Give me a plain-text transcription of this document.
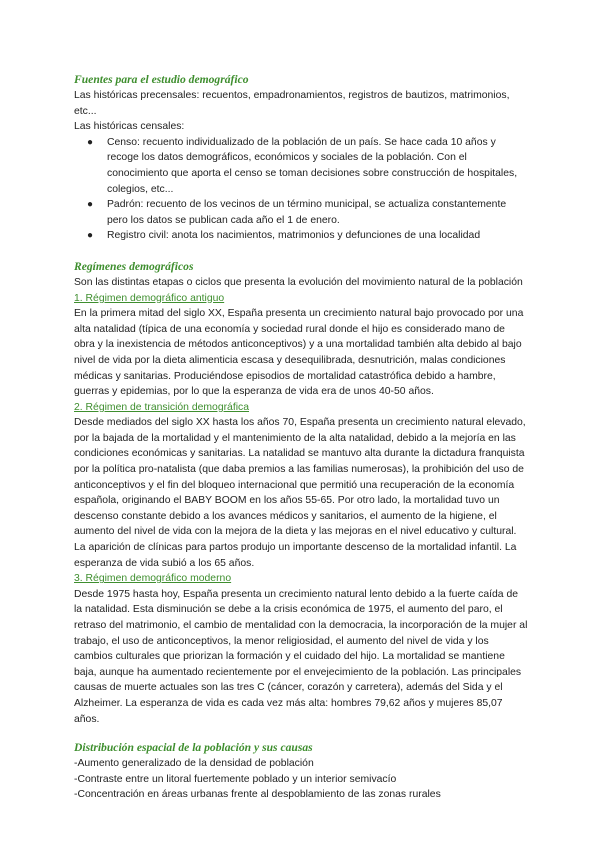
Fuentes para el estudio demográfico

Las históricas precensales: recuentos, empadronamientos, registros de bautizos, matrimonios, etc...

Las históricas censales:

● Censo: recuento individualizado de la población de un país. Se hace cada 10 años y recoge los datos demográficos, económicos y sociales de la población. Con el conocimiento que aporta el censo se toman decisiones sobre construcción de hospitales, colegios, etc...
● Padrón: recuento de los vecinos de un término municipal, se actualiza constantemente pero los datos se publican cada año el 1 de enero.
● Registro civil: anota los nacimientos, matrimonios y defunciones de una localidad
Regímenes demográficos

Son las distintas etapas o ciclos que presenta la evolución del movimiento natural de la población

1. Régimen demográfico antiguo

En la primera mitad del siglo XX, España presenta un crecimiento natural bajo provocado por una alta natalidad (típica de una economía y sociedad rural donde el hijo es considerado mano de obra y la inexistencia de métodos anticonceptivos) y a una mortalidad también alta debido al bajo nivel de vida por la dieta alimenticia escasa y desequilibrada, desnutrición, malas condiciones médicas y sanitarias. Produciéndose episodios de mortalidad catastrófica debido a hambre, guerras y epidemias, por lo que la esperanza de vida era de unos 40-50 años.

2. Régimen de transición demográfica

Desde mediados del siglo XX hasta los años 70, España presenta un crecimiento natural elevado, por la bajada de la mortalidad y el mantenimiento de la alta natalidad, debido a la mejoría en las condiciones económicas y sanitarias. La natalidad se mantuvo alta durante la dictadura franquista por la política pro-natalista (que daba premios a las familias numerosas), la prohibición del uso de anticonceptivos y el fin del bloqueo internacional que permitió una recuperación de la economía española, originando el BABY BOOM en los años 55-65. Por otro lado, la mortalidad tuvo un descenso constante debido a los avances médicos y sanitarios, el aumento de la higiene, el aumento del nivel de vida con la mejora de la dieta y las mejoras en el nivel educativo y cultural. La aparición de clínicas para partos produjo un importante descenso de la mortalidad infantil. La esperanza de vida subió a los 65 años.

3. Régimen demográfico moderno

Desde 1975 hasta hoy, España presenta un crecimiento natural lento debido a la fuerte caída de la natalidad. Esta disminución se debe a la crisis económica de 1975, el aumento del paro, el retraso del matrimonio, el cambio de mentalidad con la democracia, la incorporación de la mujer al trabajo, el uso de anticonceptivos, la menor religiosidad, el aumento del nivel de vida y los cambios culturales que priorizan la formación y el cuidado del hijo. La mortalidad se mantiene baja, aunque ha aumentado recientemente por el envejecimiento de la población. Las principales causas de muerte actuales son las tres C (cáncer, corazón y carretera), además del Sida y el Alzheimer. La esperanza de vida es cada vez más alta: hombres 79,62 años y mujeres 85,07 años.

Distribución espacial de la población y sus causas

-Aumento generalizado de la densidad de población

-Contraste entre un litoral fuertemente poblado y un interior semivacío

-Concentración en áreas urbanas frente al despoblamiento de las zonas rurales
